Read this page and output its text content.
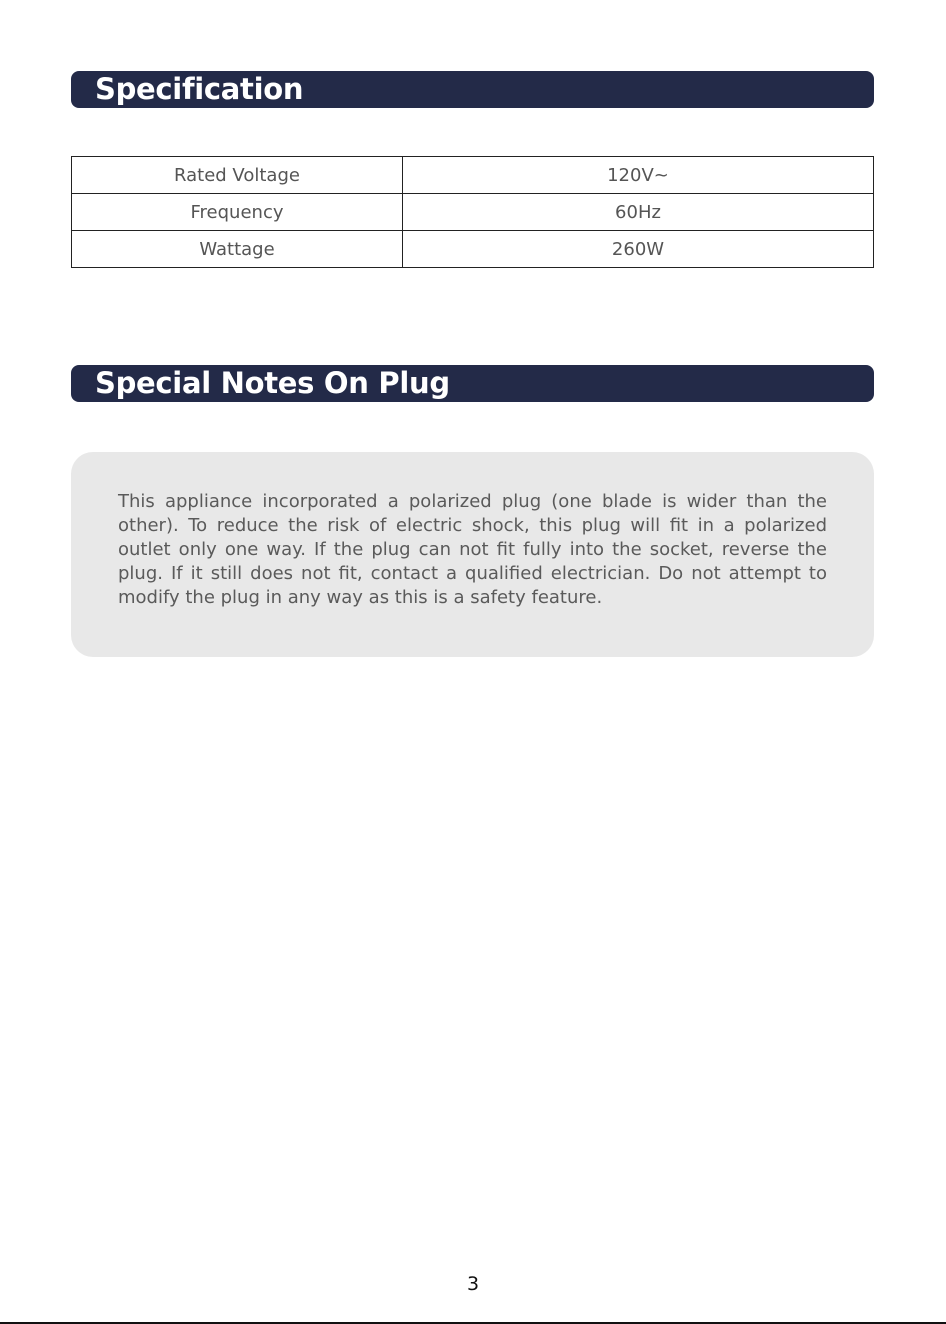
Specification
Rated Voltage	120V~
Frequency	60Hz
Wattage	260W
Special Notes On Plug

This appliance incorporated a polarized plug (one blade is wider than the other). To reduce the risk of electric shock, this plug will fit in a polarized outlet only one way. If the plug can not fit fully into the socket, reverse the plug. If it still does not fit, contact a qualified electrician. Do not attempt to modify the plug in any way as this is a safety feature.

3
